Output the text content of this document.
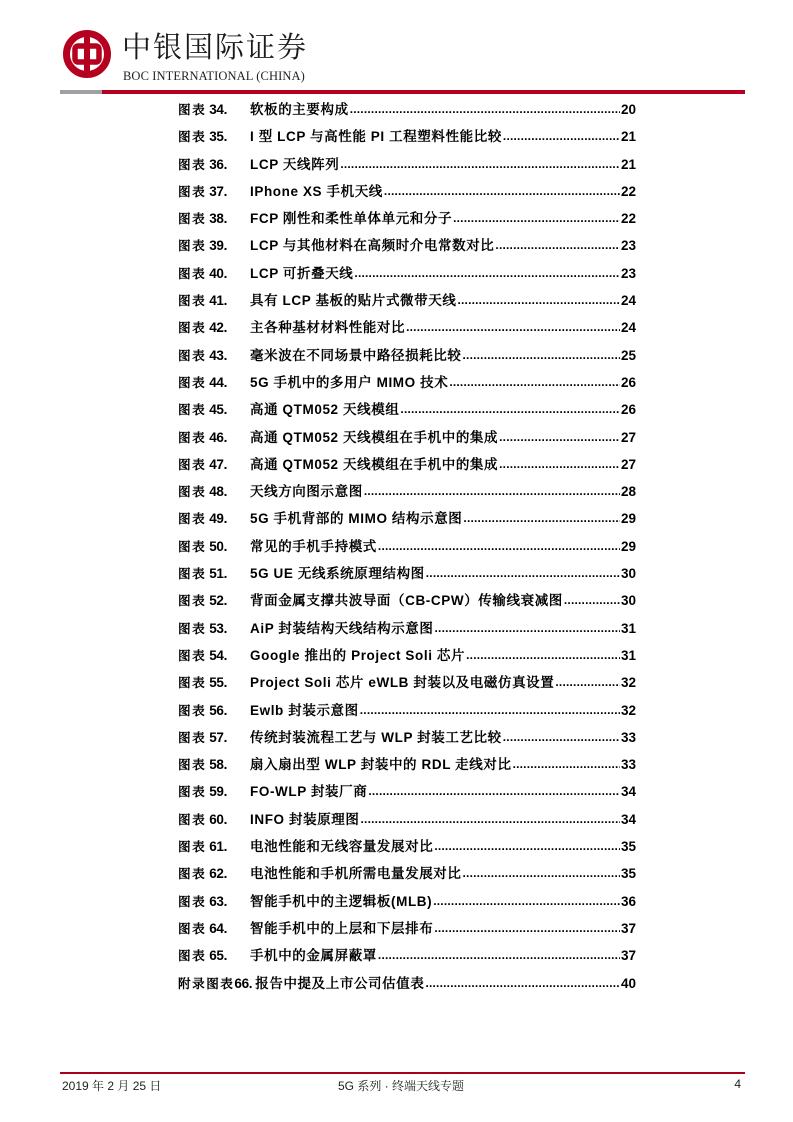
中银国际证券
BOC INTERNATIONAL (CHINA)
图表 34. 软板的主要构成 .....	20
图表 35. I 型 LCP 与高性能 PI 工程塑料性能比较 .....	21
图表 36. LCP 天线阵列 .....	21
图表 37. IPhone XS 手机天线 .....	22
图表 38. FCP 刚性和柔性单体单元和分子 .....	22
图表 39. LCP 与其他材料在高频时介电常数对比 .....	23
图表 40. LCP 可折叠天线 .....	23
图表 41. 具有 LCP 基板的贴片式微带天线 .....	24
图表 42. 主各种基材材料性能对比 .....	24
图表 43. 毫米波在不同场景中路径损耗比较 .....	25
图表 44. 5G 手机中的多用户 MIMO 技术 .....	26
图表 45. 高通 QTM052 天线模组 .....	26
图表 46. 高通 QTM052 天线模组在手机中的集成 .....	27
图表 47. 高通 QTM052 天线模组在手机中的集成 .....	27
图表 48. 天线方向图示意图 .....	28
图表 49. 5G 手机背部的 MIMO 结构示意图 .....	29
图表 50. 常见的手机手持模式 .....	29
图表 51. 5G UE 无线系统原理结构图 .....	30
图表 52. 背面金属支撑共波导面（CB-CPW）传输线衰减图 .....	30
图表 53. AiP 封装结构天线结构示意图 .....	31
图表 54. Google 推出的 Project Soli 芯片 .....	31
图表 55. Project Soli 芯片 eWLB 封装以及电磁仿真设置 .....	32
图表 56. Ewlb 封装示意图 .....	32
图表 57. 传统封装流程工艺与 WLP 封装工艺比较 .....	33
图表 58. 扇入扇出型 WLP 封装中的 RDL 走线对比 .....	33
图表 59. FO-WLP 封装厂商 .....	34
图表 60. INFO 封装原理图 .....	34
图表 61. 电池性能和无线容量发展对比 .....	35
图表 62. 电池性能和手机所需电量发展对比 .....	35
图表 63. 智能手机中的主逻辑板(MLB) .....	36
图表 64. 智能手机中的上层和下层排布 .....	37
图表 65. 手机中的金属屏蔽罩 .....	37
附录图表 66. 报告中提及上市公司估值表 .....	40
2019 年 2 月 25 日	5G 系列 · 终端天线专题	4
